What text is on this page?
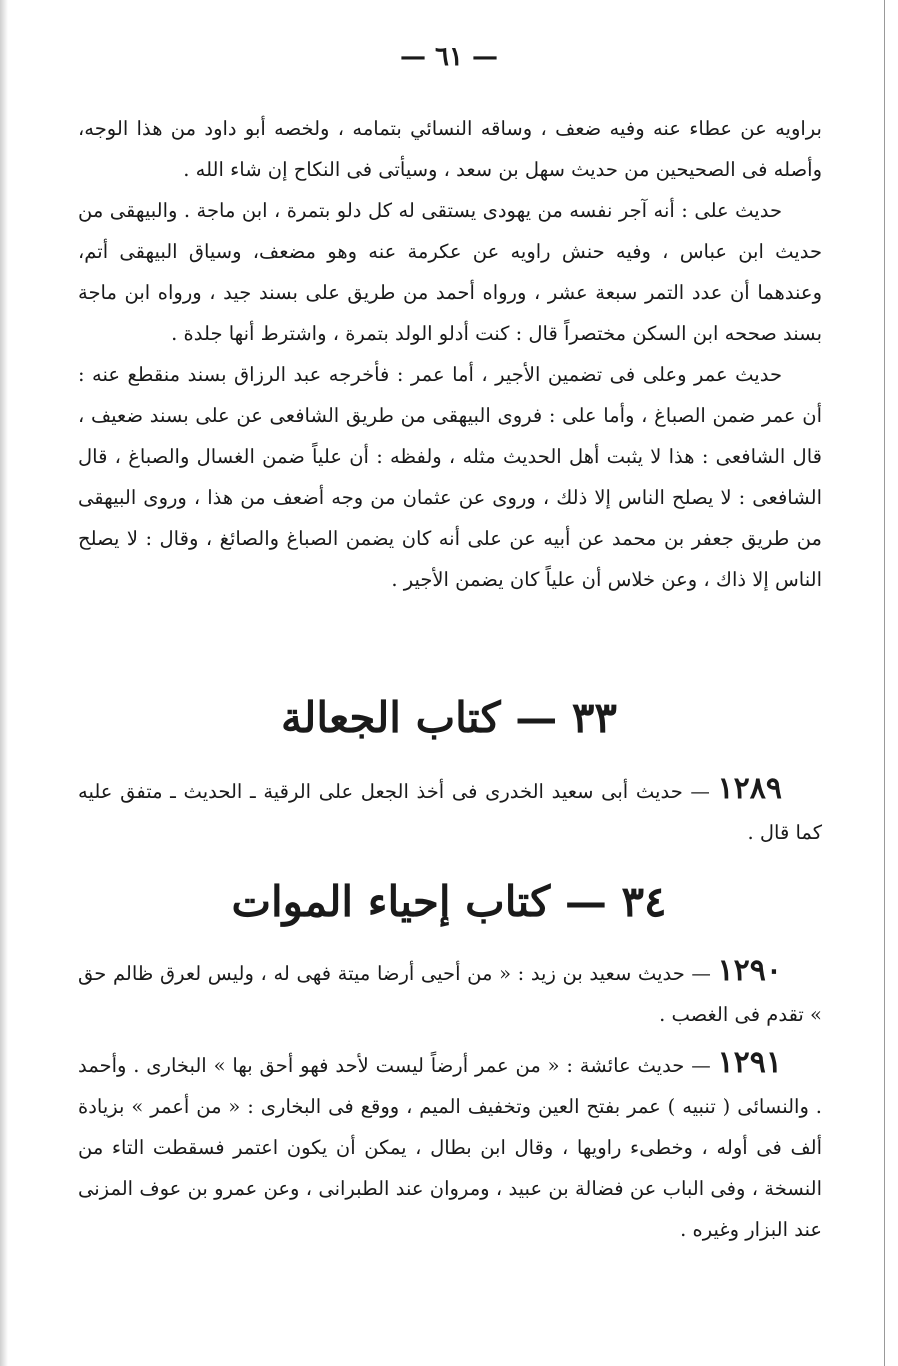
— ٦١ —

براويه عن عطاء عنه وفيه ضعف ، وساقه النسائي بتمامه ، ولخصه أبو داود من هذا الوجه، وأصله فى الصحيحين من حديث سهل بن سعد ، وسيأتى فى النكاح إن شاء الله .

حديث على : أنه آجر نفسه من يهودى يستقى له كل دلو بتمرة ، ابن ماجة . والبيهقى من حديث ابن عباس ، وفيه حنش راويه عن عكرمة عنه وهو مضعف، وسياق البيهقى أتم، وعندهما أن عدد التمر سبعة عشر ، ورواه أحمد من طريق على بسند جيد ، ورواه ابن ماجة بسند صححه ابن السكن مختصراً قال : كنت أدلو الولد بتمرة ، واشترط أنها جلدة .

حديث عمر وعلى فى تضمين الأجير ، أما عمر : فأخرجه عبد الرزاق بسند منقطع عنه : أن عمر ضمن الصباغ ، وأما على : فروى البيهقى من طريق الشافعى عن على بسند ضعيف ، قال الشافعى : هذا لا يثبت أهل الحديث مثله ، ولفظه : أن علياً ضمن الغسال والصباغ ، قال الشافعى : لا يصلح الناس إلا ذلك ، وروى عن عثمان من وجه أضعف من هذا ، وروى البيهقى من طريق جعفر بن محمد عن أبيه عن على أنه كان يضمن الصباغ والصائغ ، وقال : لا يصلح الناس إلا ذاك ، وعن خلاس أن علياً كان يضمن الأجير .

٣٣ — كتاب الجعالة

١٢٨٩ — حديث أبى سعيد الخدرى فى أخذ الجعل على الرقية ـ الحديث ـ متفق عليه كما قال .

٣٤ — كتاب إحياء الموات

١٢٩٠ — حديث سعيد بن زيد : « من أحيى أرضا ميتة فهى له ، وليس لعرق ظالم حق » تقدم فى الغصب .

١٢٩١ — حديث عائشة : « من عمر أرضاً ليست لأحد فهو أحق بها » البخارى . وأحمد . والنسائى ( تنبيه ) عمر بفتح العين وتخفيف الميم ، ووقع فى البخارى : « من أعمر » بزيادة ألف فى أوله ، وخطىء راويها ، وقال ابن بطال ، يمكن أن يكون اعتمر فسقطت التاء من النسخة ، وفى الباب عن فضالة بن عبيد ، ومروان عند الطبرانى ، وعن عمرو بن عوف المزنى عند البزار وغيره .
